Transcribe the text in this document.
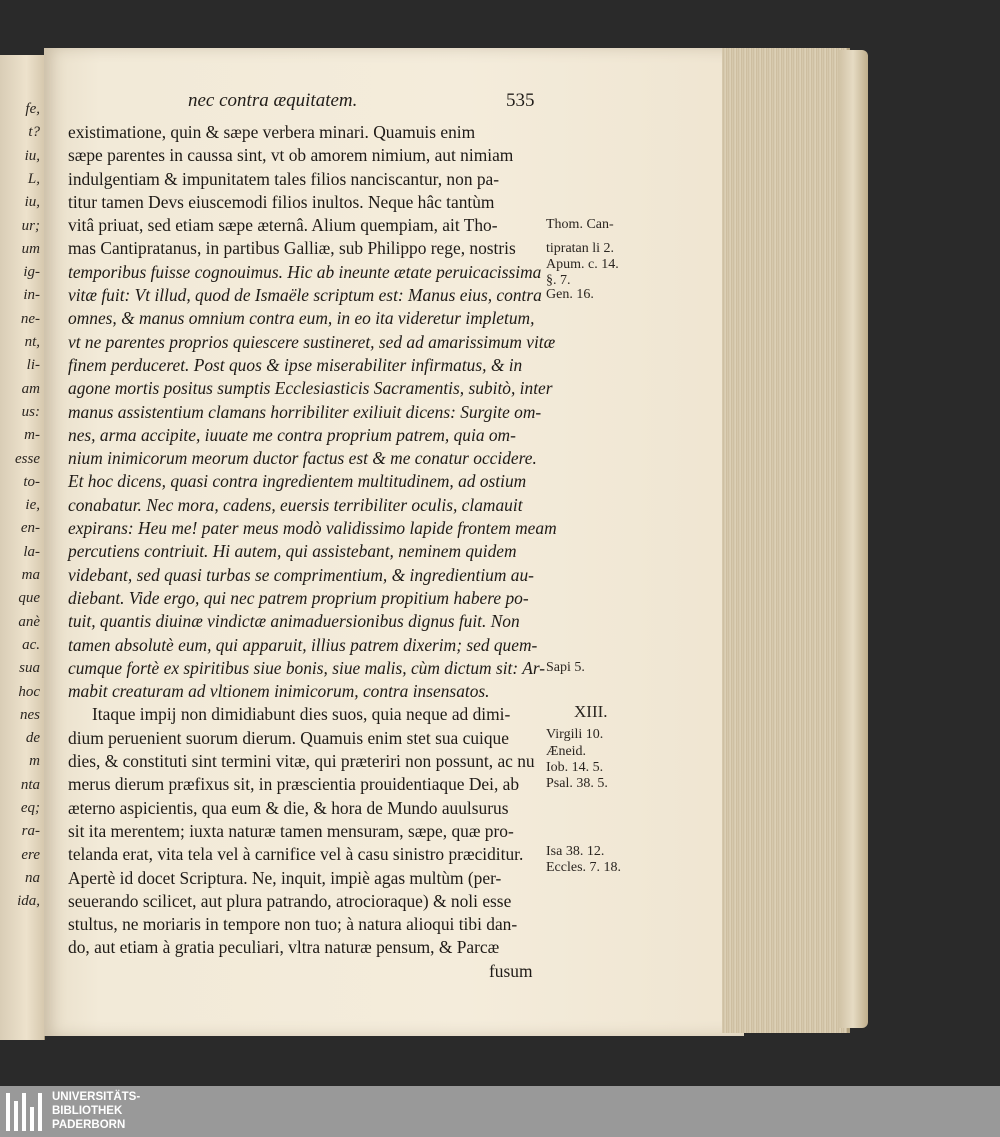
fe,
t?
iu,
L,
iu,
ur;
um
ig-
in-
ne-
nt,
li-
am
us:
m-
esse
to-
ie,
en-
la-
ma
que
anè
ac.
sua
hoc
nes
de
m
nta
eq;
ra-
ere
na
ida,
nec contra æquitatem.	535
existimatione, quin & sæpe verbera minari. Quamuis enim
sæpe parentes in caussa sint, vt ob amorem nimium, aut nimiam
indulgentiam & impunitatem tales filios nanciscantur, non pa-
titur tamen Devs eiuscemodi filios inultos. Neque hâc tantùm
vitâ priuat, sed etiam sæpe æternâ. Alium quempiam, ait Tho-
mas Cantipratanus, in partibus Galliæ, sub Philippo rege, nostris
temporibus fuisse cognouimus. Hic ab ineunte ætate peruicacissima
vitæ fuit: Vt illud, quod de Ismaële scriptum est: Manus eius, contra
omnes, & manus omnium contra eum, in eo ita videretur impletum,
vt ne parentes proprios quiescere sustineret, sed ad amarissimum vitæ
finem perduceret. Post quos & ipse miserabiliter infirmatus, & in
agone mortis positus sumptis Ecclesiasticis Sacramentis, subitò, inter
manus assistentium clamans horribiliter exiliuit dicens: Surgite om-
nes, arma accipite, iuuate me contra proprium patrem, quia om-
nium inimicorum meorum ductor factus est & me conatur occidere.
Et hoc dicens, quasi contra ingredientem multitudinem, ad ostium
conabatur. Nec mora, cadens, euersis terribiliter oculis, clamauit
expirans: Heu me! pater meus modò validissimo lapide frontem meam
percutiens contriuit. Hi autem, qui assistebant, neminem quidem
videbant, sed quasi turbas se comprimentium, & ingredientium au-
diebant. Vide ergo, qui nec patrem proprium propitium habere po-
tuit, quantis diuinæ vindictæ animaduersionibus dignus fuit. Non
tamen absolutè eum, qui apparuit, illius patrem dixerim; sed quem-
cumque fortè ex spiritibus siue bonis, siue malis, cùm dictum sit: Ar-
mabit creaturam ad vltionem inimicorum, contra insensatos.
Itaque impij non dimidiabunt dies suos, quia neque ad dimi-
dium peruenient suorum dierum. Quamuis enim stet sua cuique
dies, & constituti sint termini vitæ, qui præteriri non possunt, ac nu
merus dierum præfixus sit, in præscientia prouidentiaque Dei, ab
æterno aspicientis, qua eum & die, & hora de Mundo auulsurus
sit ita merentem; iuxta naturæ tamen mensuram, sæpe, quæ pro-
telanda erat, vita tela vel à carnifice vel à casu sinistro præciditur.
Apertè id docet Scriptura. Ne, inquit, impiè agas multùm (per-
seuerando scilicet, aut plura patrando, atrocioraque) & noli esse
stultus, ne moriaris in tempore non tuo; à natura alioqui tibi dan-
do, aut etiam à gratia peculiari, vltra naturæ pensum, & Parcæ
fusum
Thom. Can-
tipratan li 2.
Apum. c. 14.
§. 7.
Gen. 16.
Sapi 5.
XIII.
Virgili 10.
Æneid.
Iob. 14. 5.
Psal. 38. 5.
Isa 38. 12.
Eccles. 7. 18.
UNIVERSITÄTS-
BIBLIOTHEK
PADERBORN
